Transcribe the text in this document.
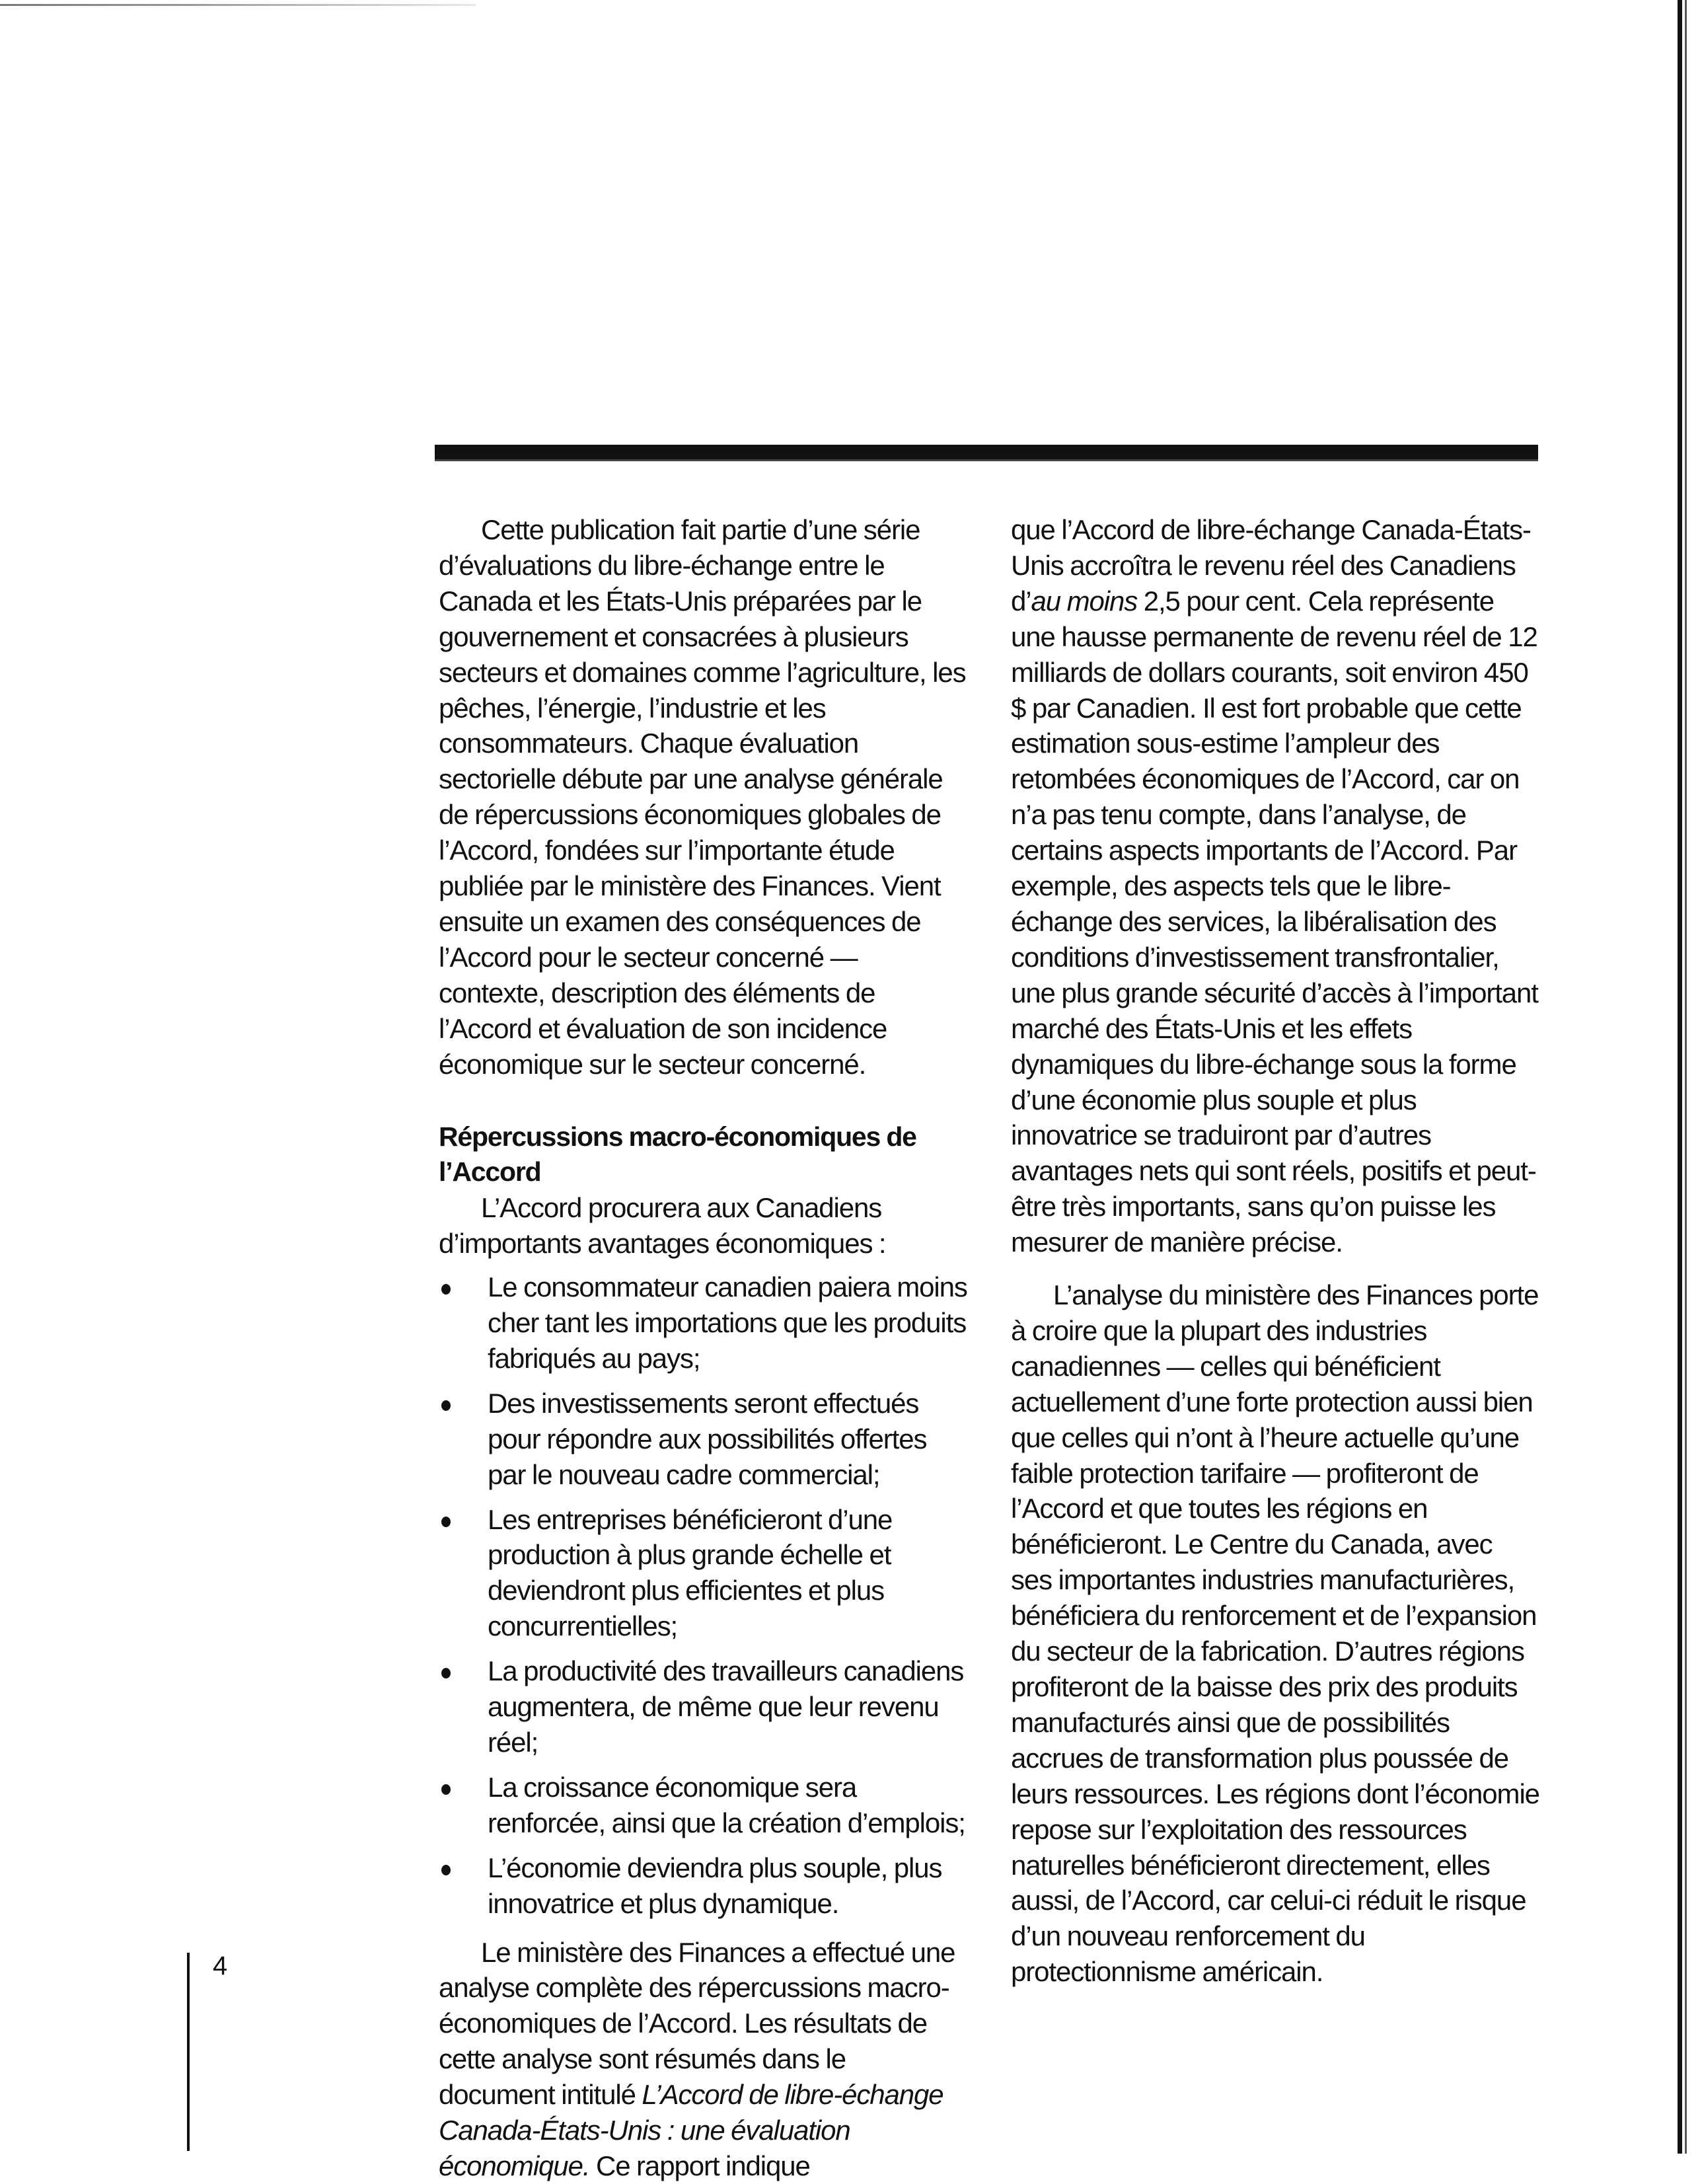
4

Cette publication fait partie d’une série d’évaluations du libre-échange entre le Canada et les États-Unis préparées par le gouvernement et consacrées à plusieurs secteurs et domaines comme l’agriculture, les pêches, l’énergie, l’industrie et les consommateurs. Chaque évaluation sectorielle débute par une analyse générale de répercussions économiques globales de l’Accord, fondées sur l’importante étude publiée par le ministère des Finances. Vient ensuite un examen des conséquences de l’Accord pour le secteur concerné — contexte, description des éléments de l’Accord et évaluation de son incidence économique sur le secteur concerné.

Répercussions macro-économiques de l’Accord

L’Accord procurera aux Canadiens d’importants avantages économiques :

Le consommateur canadien paiera moins cher tant les importations que les produits fabriqués au pays;
Des investissements seront effectués pour répondre aux possibilités offertes par le nouveau cadre commercial;
Les entreprises bénéficieront d’une production à plus grande échelle et deviendront plus efficientes et plus concurrentielles;
La productivité des travailleurs canadiens augmentera, de même que leur revenu réel;
La croissance économique sera renforcée, ainsi que la création d’emplois;
L’économie deviendra plus souple, plus innovatrice et plus dynamique.

Le ministère des Finances a effectué une analyse complète des répercussions macro-économiques de l’Accord. Les résultats de cette analyse sont résumés dans le document intitulé L’Accord de libre-échange Canada-États-Unis : une évaluation économique. Ce rapport indique

que l’Accord de libre-échange Canada-États-Unis accroîtra le revenu réel des Canadiens d’au moins 2,5 pour cent. Cela représente une hausse permanente de revenu réel de 12 milliards de dollars courants, soit environ 450 $ par Canadien. Il est fort probable que cette estimation sous-estime l’ampleur des retombées économiques de l’Accord, car on n’a pas tenu compte, dans l’analyse, de certains aspects importants de l’Accord. Par exemple, des aspects tels que le libre-échange des services, la libéralisation des conditions d’investissement transfrontalier, une plus grande sécurité d’accès à l’important marché des États-Unis et les effets dynamiques du libre-échange sous la forme d’une économie plus souple et plus innovatrice se traduiront par d’autres avantages nets qui sont réels, positifs et peut-être très importants, sans qu’on puisse les mesurer de manière précise.

L’analyse du ministère des Finances porte à croire que la plupart des industries canadiennes — celles qui bénéficient actuellement d’une forte protection aussi bien que celles qui n’ont à l’heure actuelle qu’une faible protection tarifaire — profiteront de l’Accord et que toutes les régions en bénéficieront. Le Centre du Canada, avec ses importantes industries manufacturières, bénéficiera du renforcement et de l’expansion du secteur de la fabrication. D’autres régions profiteront de la baisse des prix des produits manufacturés ainsi que de possibilités accrues de transformation plus poussée de leurs ressources. Les régions dont l’économie repose sur l’exploitation des ressources naturelles bénéficieront directement, elles aussi, de l’Accord, car celui-ci réduit le risque d’un nouveau renforcement du protectionnisme américain.
